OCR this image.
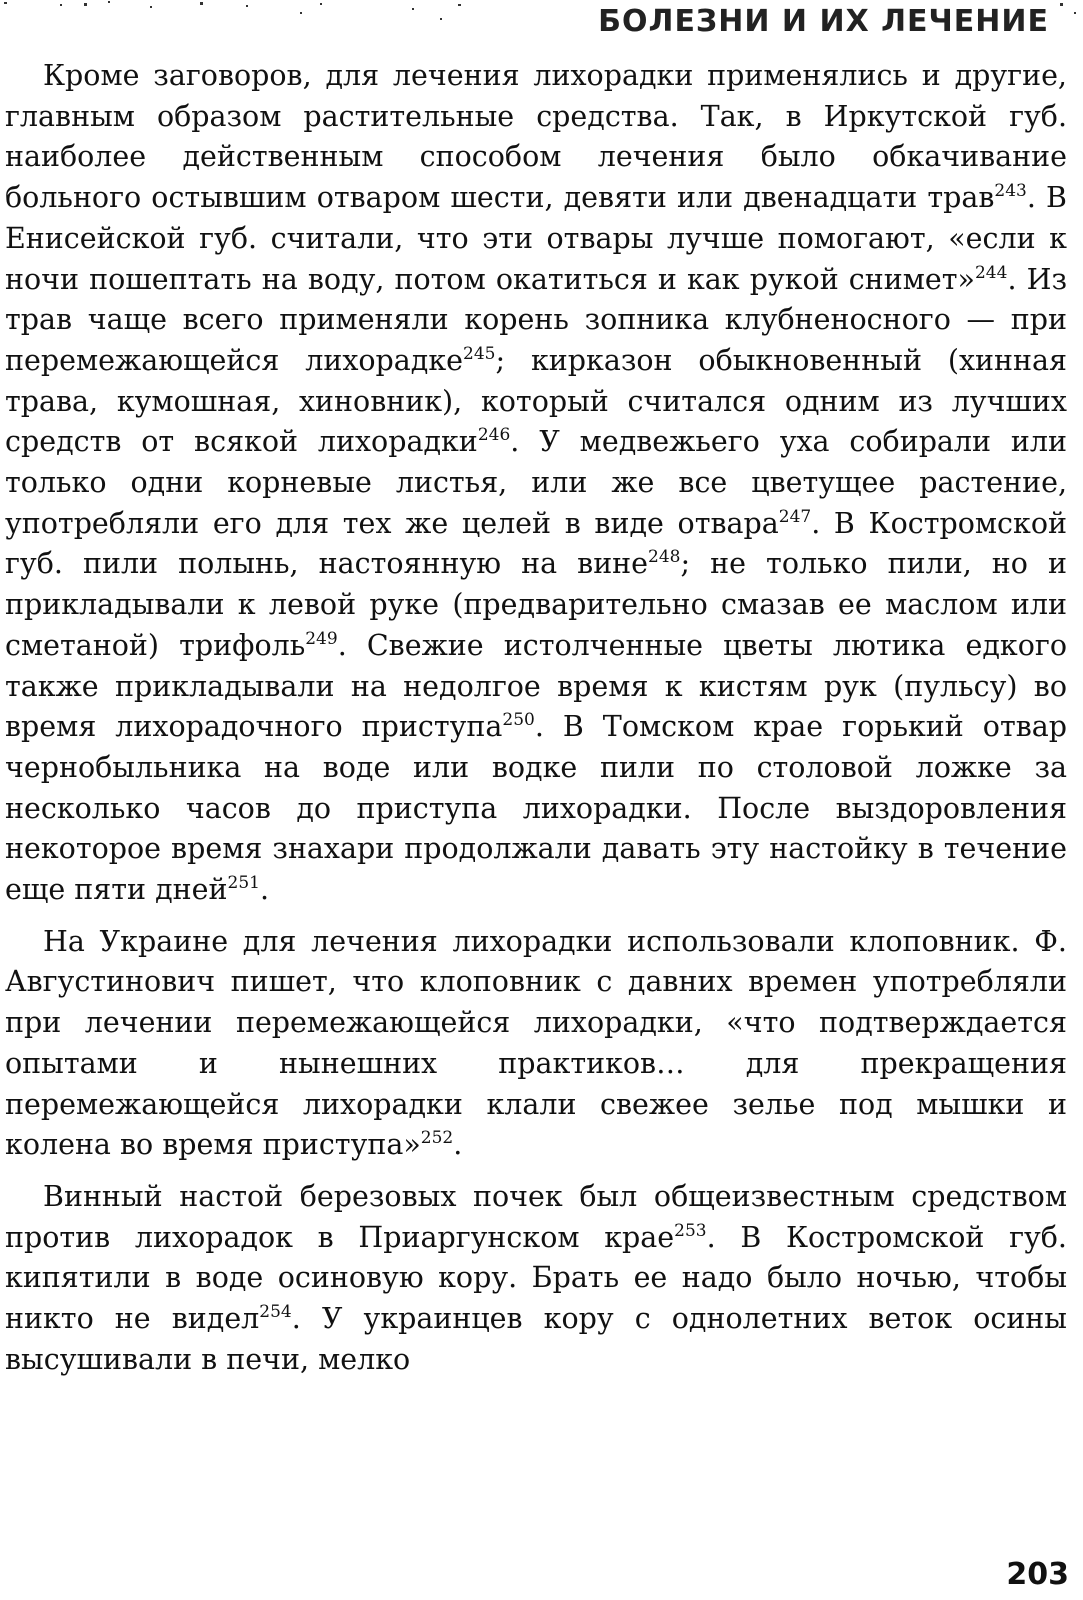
БОЛЕЗНИ И ИХ ЛЕЧЕНИЕ

Кроме заговоров, для лечения лихорадки применялись и другие, главным образом растительные средства. Так, в Иркутской губ. наиболее действенным способом лечения было обкачивание больного остывшим отваром шести, девяти или двенадцати трав$^{243}$. В Енисейской губ. считали, что эти отвары лучше помогают, «если к ночи пошептать на воду, потом окатиться и как рукой снимет»$^{244}$. Из трав чаще всего применяли корень зопника клубненосного — при перемежающейся лихорадке$^{245}$; кирказон обыкновенный (хинная трава, кумошная, хиновник), который считался одним из лучших средств от всякой лихорадки$^{246}$. У медвежьего уха собирали или только одни корневые листья, или же все цветущее растение, употребляли его для тех же целей в виде отвара$^{247}$. В Костромской губ. пили полынь, настоянную на вине$^{248}$; не только пили, но и прикладывали к левой руке (предварительно смазав ее маслом или сметаной) трифоль$^{249}$. Свежие истолченные цветы лютика едкого также прикладывали на недолгое время к кистям рук (пульсу) во время лихорадочного приступа$^{250}$. В Томском крае горький отвар чернобыльника на воде или водке пили по столовой ложке за несколько часов до приступа лихорадки. После выздоровления некоторое время знахари продолжали давать эту настойку в течение еще пяти дней$^{251}$.

На Украине для лечения лихорадки использовали клоповник. Ф. Августинович пишет, что клоповник с давних времен употребляли при лечении перемежающейся лихорадки, «что подтверждается опытами и нынешних практиков… для прекращения перемежающейся лихорадки клали свежее зелье под мышки и колена во время приступа»$^{252}$.

Винный настой березовых почек был общеизвестным средством против лихорадок в Приаргунском крае$^{253}$. В Костромской губ. кипятили в воде осиновую кору. Брать ее надо было ночью, чтобы никто не видел$^{254}$. У украинцев кору с однолетних веток осины высушивали в печи, мелко

203
